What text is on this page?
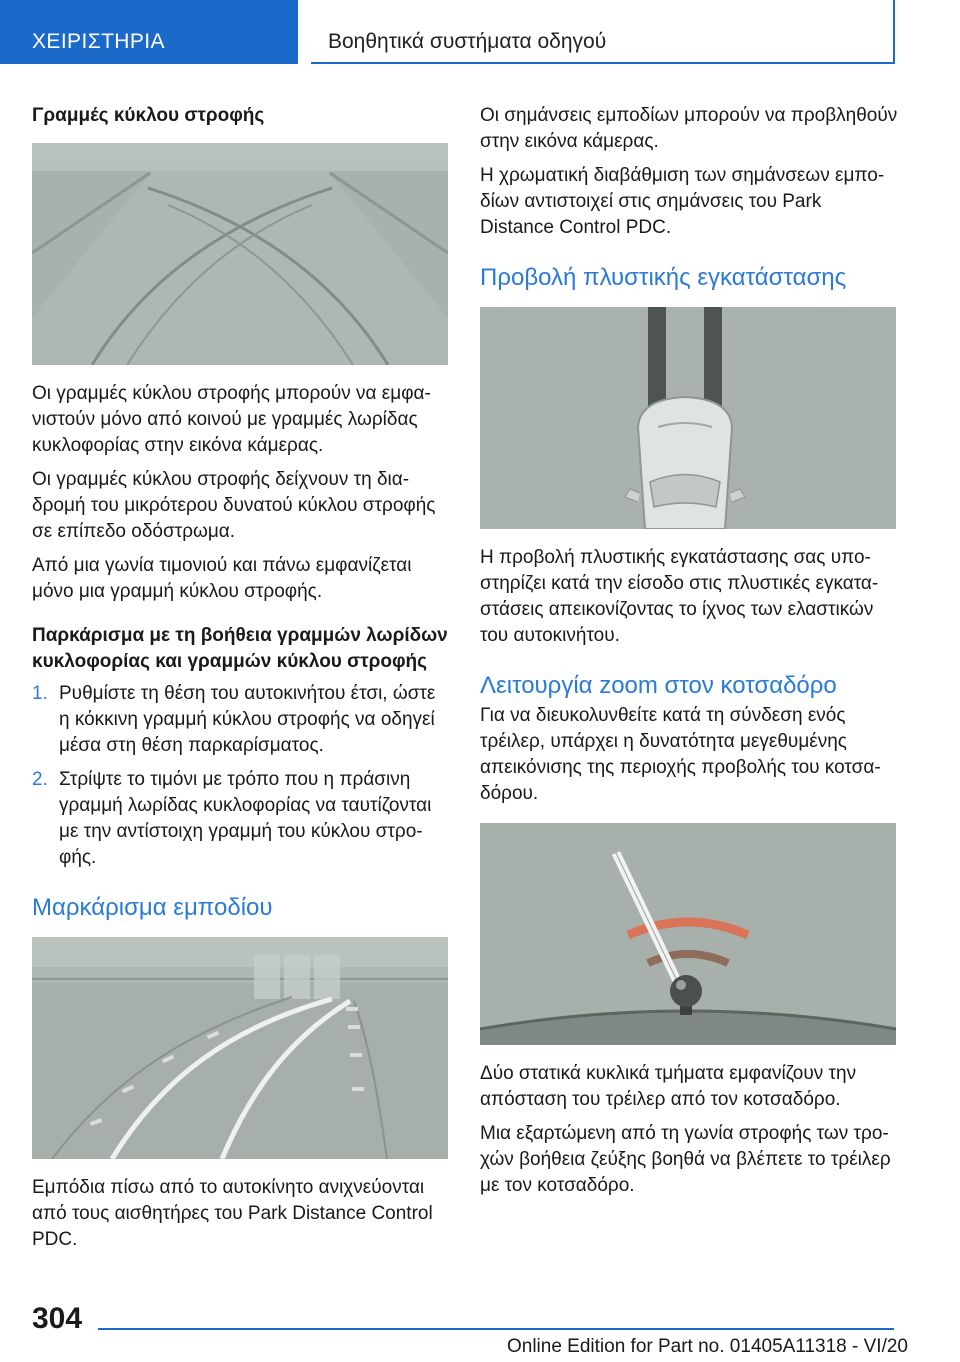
ΧΕΙΡΙΣΤΗΡΙΑ	Βοηθητικά συστήματα οδηγού
Γραμμές κύκλου στροφής

Οι γραμμές κύκλου στροφής μπορούν να εμφανιστούν μόνο από κοινού με γραμμές λωρίδας κυκλοφορίας στην εικόνα κάμερας.

Οι γραμμές κύκλου στροφής δείχνουν τη διαδρομή του μικρότερου δυνατού κύκλου στροφής σε επίπεδο οδόστρωμα.

Από μια γωνία τιμονιού και πάνω εμφανίζεται μόνο μια γραμμή κύκλου στροφής.

Παρκάρισμα με τη βοήθεια γραμμών λωρίδων κυκλοφορίας και γραμμών κύκλου στροφής
1. Ρυθμίστε τη θέση του αυτοκινήτου έτσι, ώστε η κόκκινη γραμμή κύκλου στροφής να οδηγεί μέσα στη θέση παρκαρίσματος.
2. Στρίψτε το τιμόνι με τρόπο που η πράσινη γραμμή λωρίδας κυκλοφορίας να ταυτίζονται με την αντίστοιχη γραμμή του κύκλου στροφής.
Μαρκάρισμα εμποδίου

Εμπόδια πίσω από το αυτοκίνητο ανιχνεύονται από τους αισθητήρες του Park Distance Control PDC.

Οι σημάνσεις εμποδίων μπορούν να προβληθούν στην εικόνα κάμερας.

Η χρωματική διαβάθμιση των σημάνσεων εμποδίων αντιστοιχεί στις σημάνσεις του Park Distance Control PDC.

Προβολή πλυστικής εγκατάστασης

Η προβολή πλυστικής εγκατάστασης σας υποστηρίζει κατά την είσοδο στις πλυστικές εγκαταστάσεις απεικονίζοντας το ίχνος των ελαστικών του αυτοκινήτου.

Λειτουργία zoom στον κοτσαδόρο

Για να διευκολυνθείτε κατά τη σύνδεση ενός τρέιλερ, υπάρχει η δυνατότητα μεγεθυμένης απεικόνισης της περιοχής προβολής του κοτσαδόρου.

Δύο στατικά κυκλικά τμήματα εμφανίζουν την απόσταση του τρέιλερ από τον κοτσαδόρο.

Μια εξαρτώμενη από τη γωνία στροφής των τροχών βοήθεια ζεύξης βοηθά να βλέπετε το τρέιλερ με τον κοτσαδόρο.

304
Online Edition for Part no. 01405A11318 - VI/20
